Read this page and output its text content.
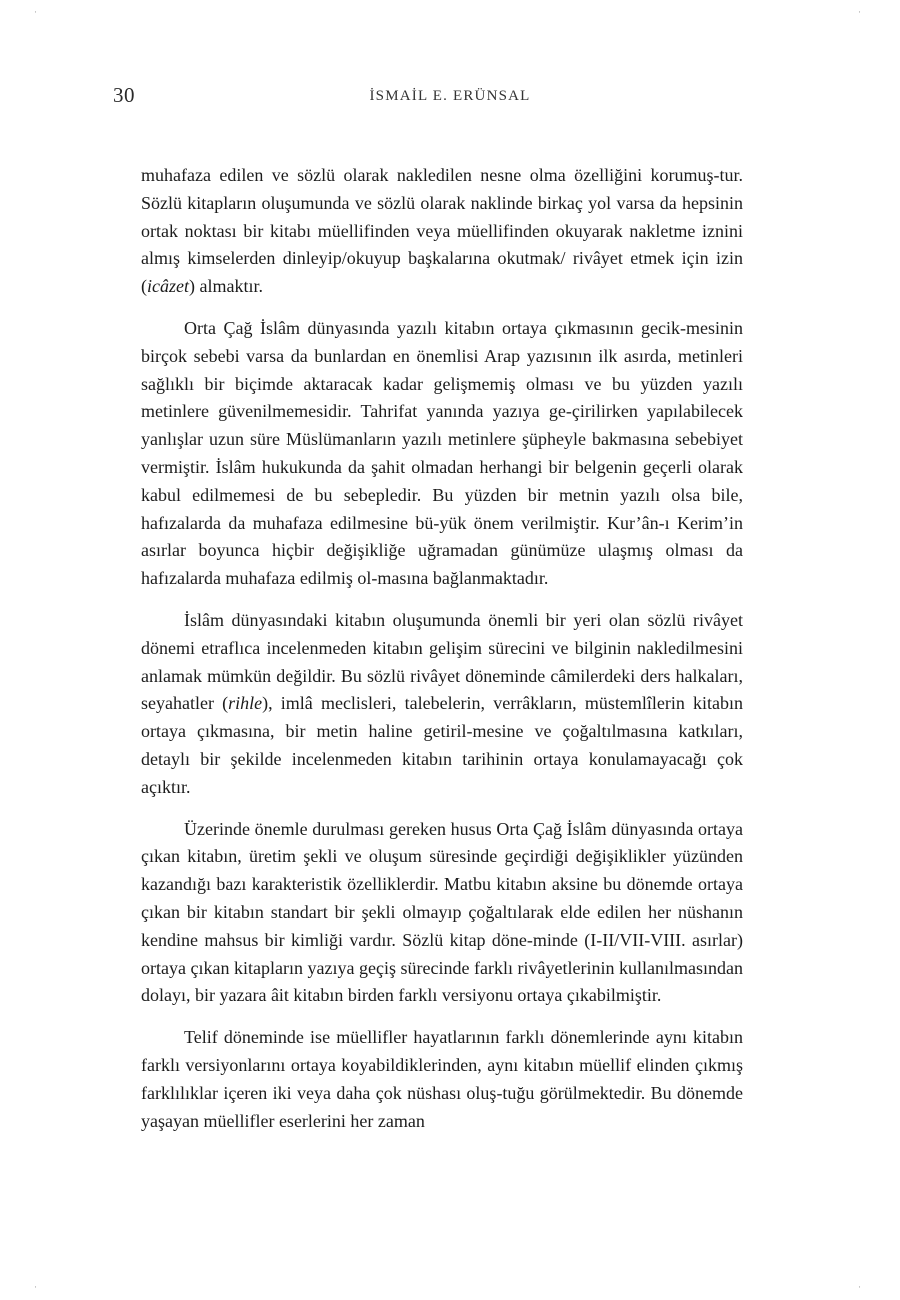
·	·
·	·
30	İSMAİL E. ERÜNSAL

muhafaza edilen ve sözlü olarak nakledilen nesne olma özelliğini korumuş-tur. Sözlü kitapların oluşumunda ve sözlü olarak naklinde birkaç yol varsa da hepsinin ortak noktası bir kitabı müellifinden veya müellifinden okuyarak nakletme iznini almış kimselerden dinleyip/okuyup başkalarına okutmak/ rivâyet etmek için izin (icâzet) almaktır.

Orta Çağ İslâm dünyasında yazılı kitabın ortaya çıkmasının gecik-mesinin birçok sebebi varsa da bunlardan en önemlisi Arap yazısının ilk asırda, metinleri sağlıklı bir biçimde aktaracak kadar gelişmemiş olması ve bu yüzden yazılı metinlere güvenilmemesidir. Tahrifat yanında yazıya ge-çirilirken yapılabilecek yanlışlar uzun süre Müslümanların yazılı metinlere şüpheyle bakmasına sebebiyet vermiştir. İslâm hukukunda da şahit olmadan herhangi bir belgenin geçerli olarak kabul edilmemesi de bu sebepledir. Bu yüzden bir metnin yazılı olsa bile, hafızalarda da muhafaza edilmesine bü-yük önem verilmiştir. Kur’ân-ı Kerim’in asırlar boyunca hiçbir değişikliğe uğramadan günümüze ulaşmış olması da hafızalarda muhafaza edilmiş ol-masına bağlanmaktadır.

İslâm dünyasındaki kitabın oluşumunda önemli bir yeri olan sözlü rivâyet dönemi etraflıca incelenmeden kitabın gelişim sürecini ve bilginin nakledilmesini anlamak mümkün değildir. Bu sözlü rivâyet döneminde câmilerdeki ders halkaları, seyahatler (rihle), imlâ meclisleri, talebelerin, verrâkların, müstemlîlerin kitabın ortaya çıkmasına, bir metin haline getiril-mesine ve çoğaltılmasına katkıları, detaylı bir şekilde incelenmeden kitabın tarihinin ortaya konulamayacağı çok açıktır.

Üzerinde önemle durulması gereken husus Orta Çağ İslâm dünyasında ortaya çıkan kitabın, üretim şekli ve oluşum süresinde geçirdiği değişiklikler yüzünden kazandığı bazı karakteristik özelliklerdir. Matbu kitabın aksine bu dönemde ortaya çıkan bir kitabın standart bir şekli olmayıp çoğaltılarak elde edilen her nüshanın kendine mahsus bir kimliği vardır. Sözlü kitap döne-minde (I-II/VII-VIII. asırlar) ortaya çıkan kitapların yazıya geçiş sürecinde farklı rivâyetlerinin kullanılmasından dolayı, bir yazara âit kitabın birden farklı versiyonu ortaya çıkabilmiştir.

Telif döneminde ise müellifler hayatlarının farklı dönemlerinde aynı kitabın farklı versiyonlarını ortaya koyabildiklerinden, aynı kitabın müellif elinden çıkmış farklılıklar içeren iki veya daha çok nüshası oluş-tuğu görülmektedir. Bu dönemde yaşayan müellifler eserlerini her zaman
